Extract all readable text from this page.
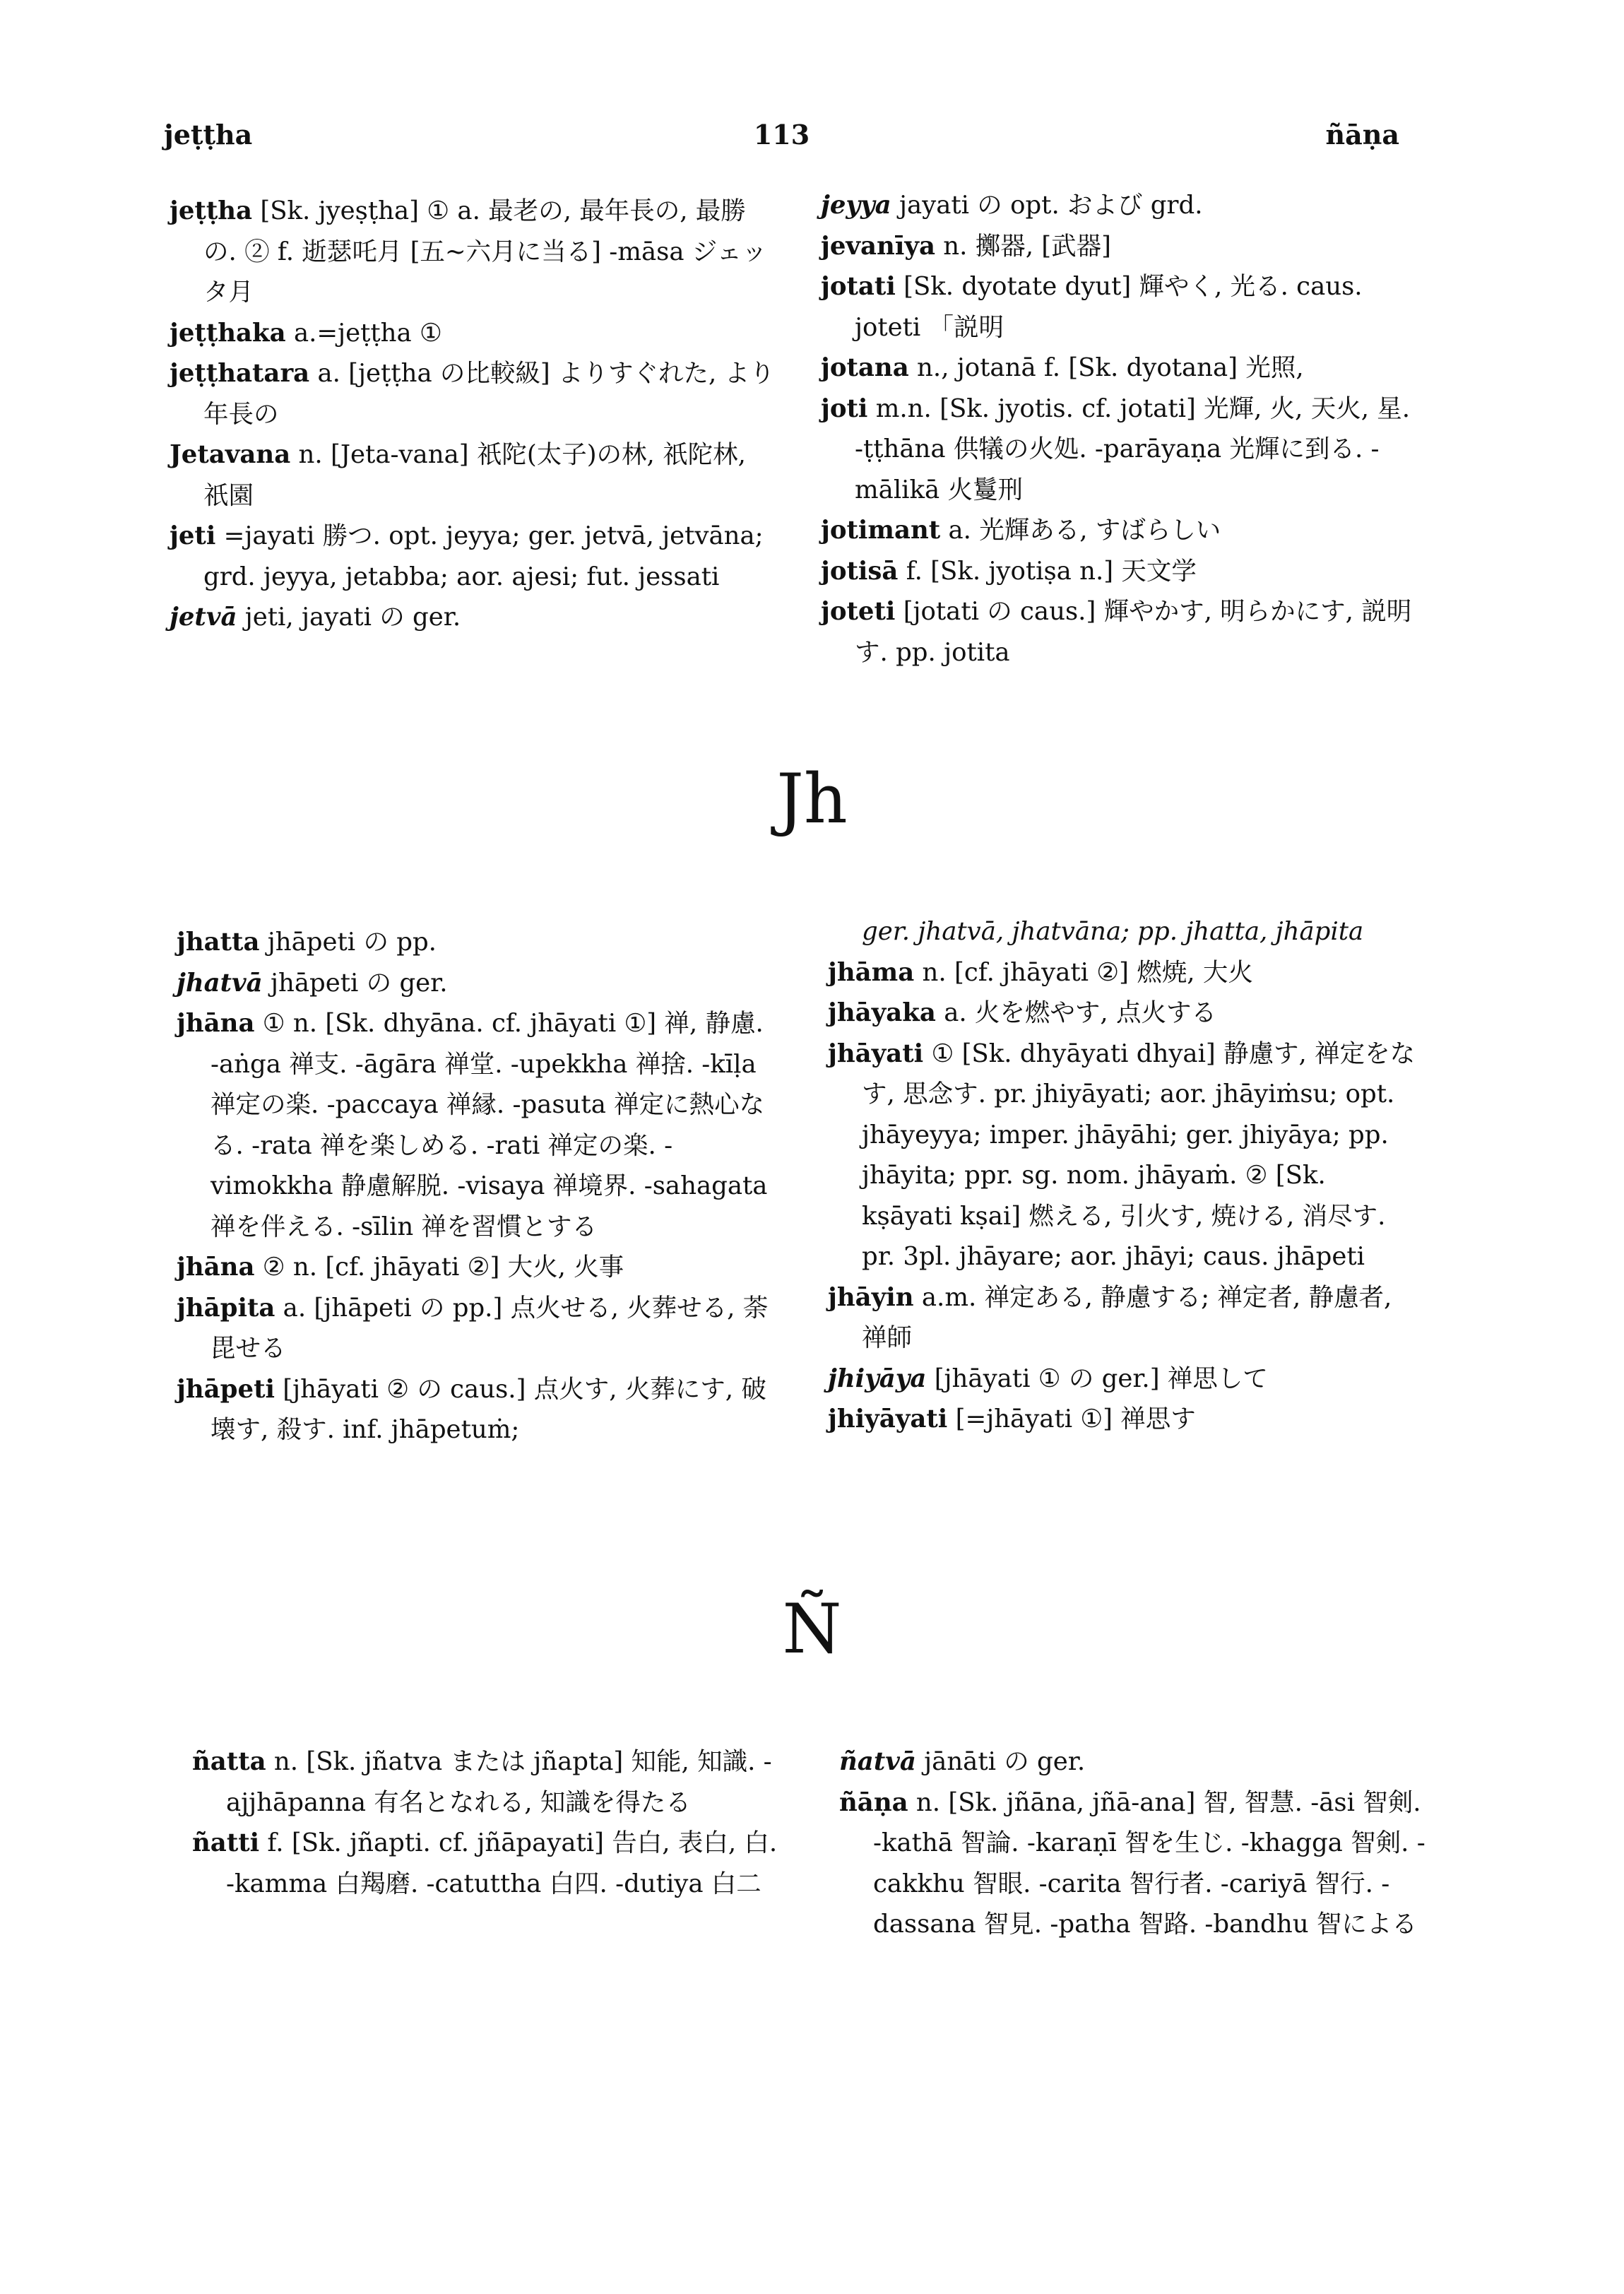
jeṭṭha	113	ñāṇa

jeṭṭha [Sk. jyeṣṭha] ① a. 最老の, 最年長の, 最勝の. ② f. 逝瑟吒月 [五~六月に当る] -māsa ジェッタ月

jeṭṭhaka a.=jeṭṭha ①

jeṭṭhatara a. [jeṭṭha の比較級] よりすぐれた, より年長の

Jetavana n. [Jeta-vana] 祇陀(太子)の林, 祇陀林, 祇園

jeti =jayati 勝つ. opt. jeyya; ger. jetvā, jetvāna; grd. jeyya, jetabba; aor. ajesi; fut. jessati

jetvā jeti, jayati の ger.

jeyya jayati の opt. および grd.

jevanīya n. 擲器, [武器]

jotati [Sk. dyotate dyut] 輝やく, 光る. caus. joteti 「説明

jotana n., jotanā f. [Sk. dyotana] 光照,

joti m.n. [Sk. jyotis. cf. jotati] 光輝, 火, 天火, 星. -ṭṭhāna 供犠の火処. -parāyaṇa 光輝に到る. -mālikā 火鬘刑

jotimant a. 光輝ある, すばらしい

jotisā f. [Sk. jyotiṣa n.] 天文学

joteti [jotati の caus.] 輝やかす, 明らかにす, 説明す. pp. jotita

Jh

jhatta jhāpeti の pp.

jhatvā jhāpeti の ger.

jhāna ① n. [Sk. dhyāna. cf. jhāyati ①] 禅, 静慮. -aṅga 禅支. -āgāra 禅堂. -upekkha 禅捨. -kīḷa 禅定の楽. -paccaya 禅縁. -pasuta 禅定に熱心なる. -rata 禅を楽しめる. -rati 禅定の楽. -vimokkha 静慮解脱. -visaya 禅境界. -sahagata 禅を伴える. -sīlin 禅を習慣とする

jhāna ② n. [cf. jhāyati ②] 大火, 火事

jhāpita a. [jhāpeti の pp.] 点火せる, 火葬せる, 荼毘せる

jhāpeti [jhāyati ② の caus.] 点火す, 火葬にす, 破壊す, 殺す. inf. jhāpetuṁ;

ger. jhatvā, jhatvāna; pp. jhatta, jhāpita

jhāma n. [cf. jhāyati ②] 燃焼, 大火

jhāyaka a. 火を燃やす, 点火する

jhāyati ① [Sk. dhyāyati dhyai] 静慮す, 禅定をなす, 思念す. pr. jhiyāyati; aor. jhāyiṁsu; opt. jhāyeyya; imper. jhāyāhi; ger. jhiyāya; pp. jhāyita; ppr. sg. nom. jhāyaṁ. ② [Sk. kṣāyati kṣai] 燃える, 引火す, 焼ける, 消尽す. pr. 3pl. jhāyare; aor. jhāyi; caus. jhāpeti

jhāyin a.m. 禅定ある, 静慮する; 禅定者, 静慮者, 禅師

jhiyāya [jhāyati ① の ger.] 禅思して

jhiyāyati [=jhāyati ①] 禅思す

Ñ

ñatta n. [Sk. jñatva または jñapta] 知能, 知識. -ajjhāpanna 有名となれる, 知識を得たる

ñatti f. [Sk. jñapti. cf. jñāpayati] 告白, 表白, 白. -kamma 白羯磨. -catuttha 白四. -dutiya 白二

ñatvā jānāti の ger.

ñāṇa n. [Sk. jñāna, jñā-ana] 智, 智慧. -āsi 智剣. -kathā 智論. -karaṇī 智を生じ. -khagga 智剣. -cakkhu 智眼. -carita 智行者. -cariyā 智行. -dassana 智見. -patha 智路. -bandhu 智による
